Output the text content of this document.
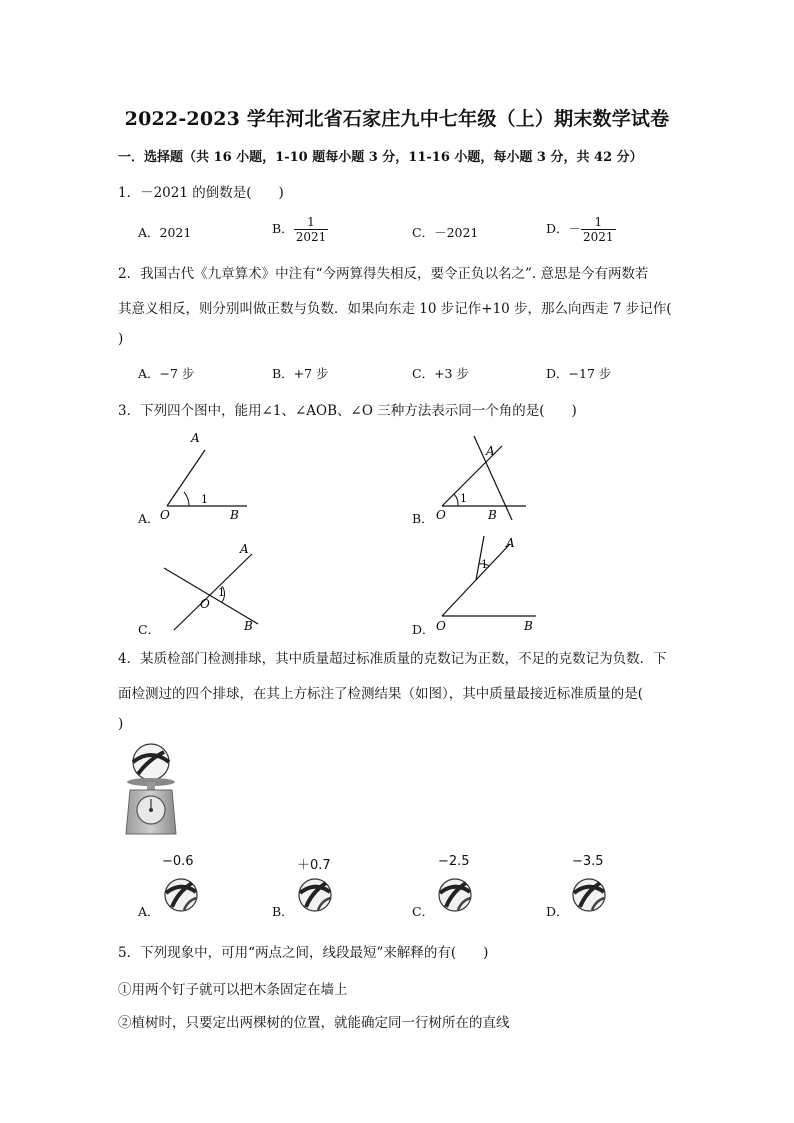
2022-2023 学年河北省石家庄九中七年级（上）期末数学试卷
一．选择题（共 16 小题，1-10 题每小题 3 分，11-16 小题，每小题 3 分，共 42 分）
1．－2021 的倒数是(　　)
A．2021	B． $\frac{1}{2021}$	C．－2021	D．－ $\frac{1}{2021}$
2．我国古代《九章算术》中注有“今两算得失相反，要令正负以名之”. 意思是今有两数若
其意义相反，则分别叫做正数与负数．如果向东走 10 步记作+10 步，那么向西走 7 步记作(
)
A．−7 步	B．+7 步	C．+3 步	D．−17 步
3．下列四个图中，能用∠1、∠AOB、∠O 三种方法表示同一个角的是(　　)
A．
A
O	B
1
B．
A
O	B
1
C．
A
O
B
1
D．
A
O	B
1
4．某质检部门检测排球，其中质量超过标准质量的克数记为正数，不足的克数记为负数．下
面检测过的四个排球，在其上方标注了检测结果（如图），其中质量最接近标准质量的是(
)
−0.6	＋0.7	−2.5	−3.5
A．	B．	C．	D．
5．下列现象中，可用“两点之间，线段最短”来解释的有(　　)
①用两个钉子就可以把木条固定在墙上
②植树时，只要定出两棵树的位置，就能确定同一行树所在的直线
